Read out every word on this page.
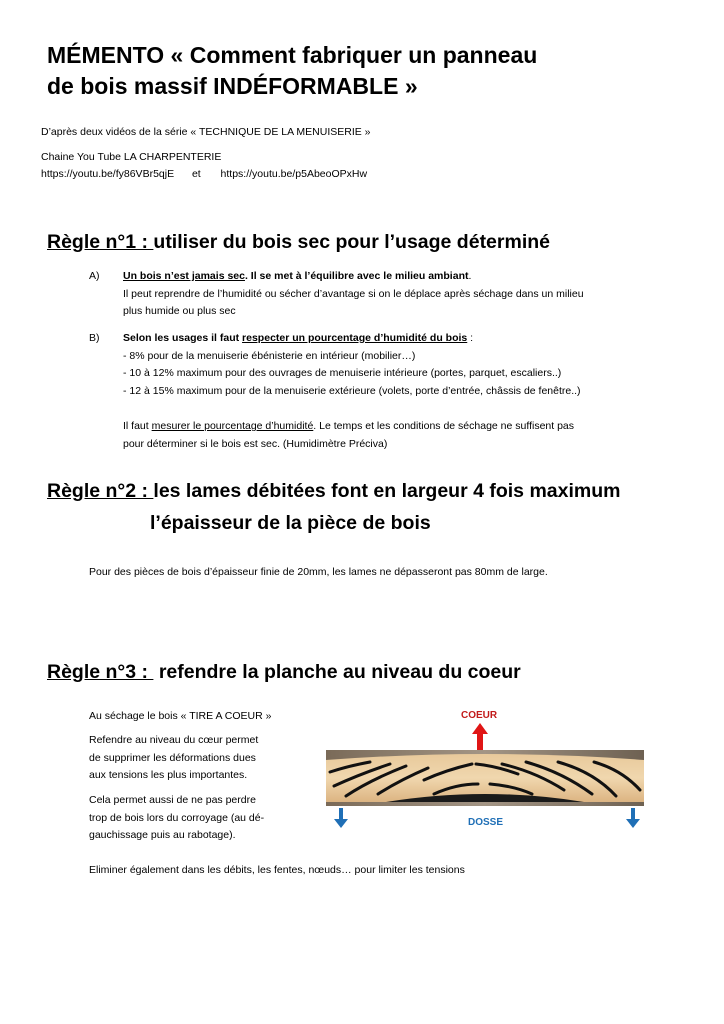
MÉMENTO « Comment fabriquer un panneau
de bois massif INDÉFORMABLE »
D’après deux vidéos de la série « TECHNIQUE DE LA MENUISERIE »
Chaine You Tube LA CHARPENTERIE
https://youtu.be/fy86VBr5qjE et https://youtu.be/p5AbeoOPxHw
Règle n°1 : utiliser du bois sec pour l’usage déterminé
A) Un bois n’est jamais sec. Il se met à l’équilibre avec le milieu ambiant.
Il peut reprendre de l’humidité ou sécher d’avantage si on le déplace après séchage dans un milieu
plus humide ou plus sec
B) Selon les usages il faut respecter un pourcentage d’humidité du bois :
- 8% pour de la menuiserie ébénisterie en intérieur (mobilier…)
- 10 à 12% maximum pour des ouvrages de menuiserie intérieure (portes, parquet, escaliers..)
- 12 à 15% maximum pour de la menuiserie extérieure (volets, porte d’entrée, châssis de fenêtre..)
Il faut mesurer le pourcentage d’humidité. Le temps et les conditions de séchage ne suffisent pas
pour déterminer si le bois est sec. (Humidimètre Préciva)
Règle n°2 : les lames débitées font en largeur 4 fois maximum
l’épaisseur de la pièce de bois
Pour des pièces de bois d’épaisseur finie de 20mm, les lames ne dépasseront pas 80mm de large.
Règle n°3 :  refendre la planche au niveau du coeur
Au séchage le bois « TIRE A COEUR »
Refendre au niveau du cœur permet
de supprimer les déformations dues
aux tensions les plus importantes.
Cela permet aussi de ne pas perdre
trop de bois lors du corroyage (au dé-
gauchissage puis au rabotage).
Eliminer également dans les débits, les fentes, nœuds… pour limiter les tensions
COEUR
DOSSE
